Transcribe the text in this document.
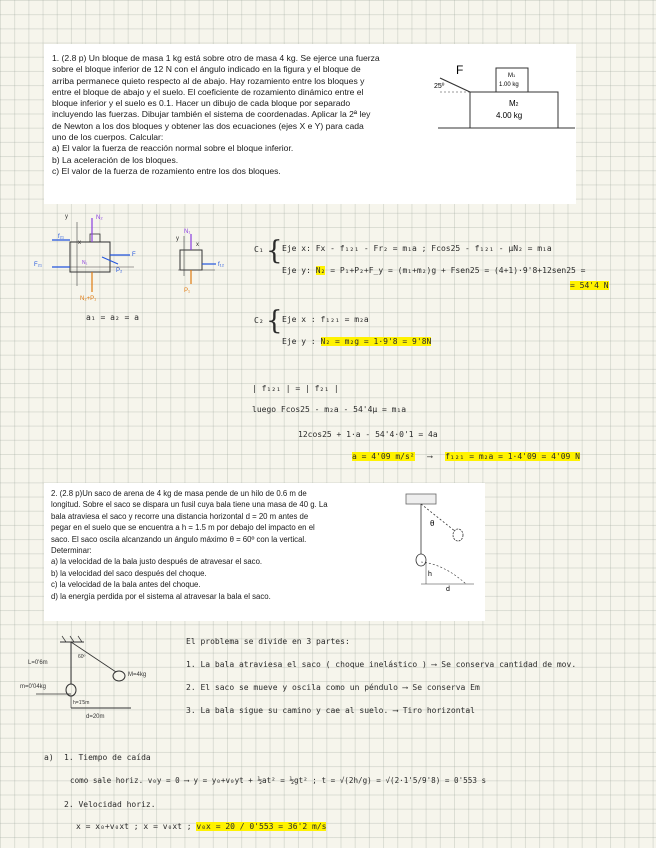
1. (2.8 p) Un bloque de masa 1 kg está sobre otro de masa 4 kg. Se ejerce una fuerza

sobre el bloque inferior de 12 N con el ángulo indicado en la figura y el bloque de

arriba permanece quieto respecto al de abajo. Hay rozamiento entre los bloques y

entre el bloque de abajo y el suelo. El coeficiente de rozamiento dinámico entre el

bloque inferior y el suelo es 0.1. Hacer un dibujo de cada bloque por separado

incluyendo las fuerzas. Dibujar también el sistema de coordenadas. Aplicar la 2ª ley

de Newton a los dos bloques y obtener las dos ecuaciones (ejes X e Y) para cada

uno de los cuerpos. Calcular:

a) El valor la fuerza de reacción normal sobre el bloque inferior.

b) La aceleración de los bloques.

c) El valor de la fuerza de rozamiento entre los dos bloques.

F
25º
M1
1.00 kg
M2
4.00 kg
N₂
y
x
f₂₁
F₂₁
F
P₂
N₁
N₂+P₁
N₁
y
x
f₁₂
P₁
a₁ = a₂ = a
C₁ { Eje x: Fx - f₁₂₁ - Fr₂ = m₁a ; Fcos25 - f₁₂₁ - μN₂ = m₁a
Eje y: N₂ = P₁+P₂+F_y = (m₁+m₂)g + Fsen25 = (4+1)·9'8+12sen25 =
= 54'4 N
C₂ { Eje x : f₁₂₁ = m₂a
Eje y : N₂ = m₂g = 1·9'8 = 9'8N
| f₁₂₁ | = | f₂₁ |
luego Fcos25 - m₂a - 54'4μ = m₁a
12cos25 + 1·a - 54'4·0'1 = 4a
a = 4'09 m/s² ⟶ f₁₂₁ = m₂a = 1·4'09 = 4'09 N

2. (2.8 p)Un saco de arena de 4 kg de masa pende de un hilo de 0.6 m de

longitud. Sobre el saco se dispara un fusil cuya bala tiene una masa de 40 g. La

bala atraviesa el saco y recorre una distancia horizontal d = 20 m antes de

pegar en el suelo que se encuentra a h = 1.5 m por debajo del impacto en el

saco. El saco oscila alcanzando un ángulo máximo θ = 60º con la vertical.

Determinar:

a) la velocidad de la bala justo después de atravesar el saco.

b) la velocidad del saco después del choque.

c) la velocidad de la bala antes del choque.

d) la energía perdida por el sistema al atravesar la bala el saco.

θ
h
d
L=0'6m
60º
m=0'04kg
M=4kg
h=1'5m
d=20m
El problema se divide en 3 partes:
1. La bala atraviesa el saco ( choque inelástico ) ⟶ Se conserva cantidad de mov.
2. El saco se mueve y oscila como un péndulo ⟶ Se conserva Em
3. La bala sigue su camino y cae al suelo. ⟶ Tiro horizontal
a) 1. Tiempo de caída
como sale horiz. v₀y = 0 ⟶ y = y₀+v₀yt + ½at² = ½gt² ; t = √(2h/g) = √(2·1'5/9'8) = 0'553 s
2. Velocidad horiz.
x = x₀+v₀xt ; x = v₀xt ; v₀x = 20 / 0'553 = 36'2 m/s
